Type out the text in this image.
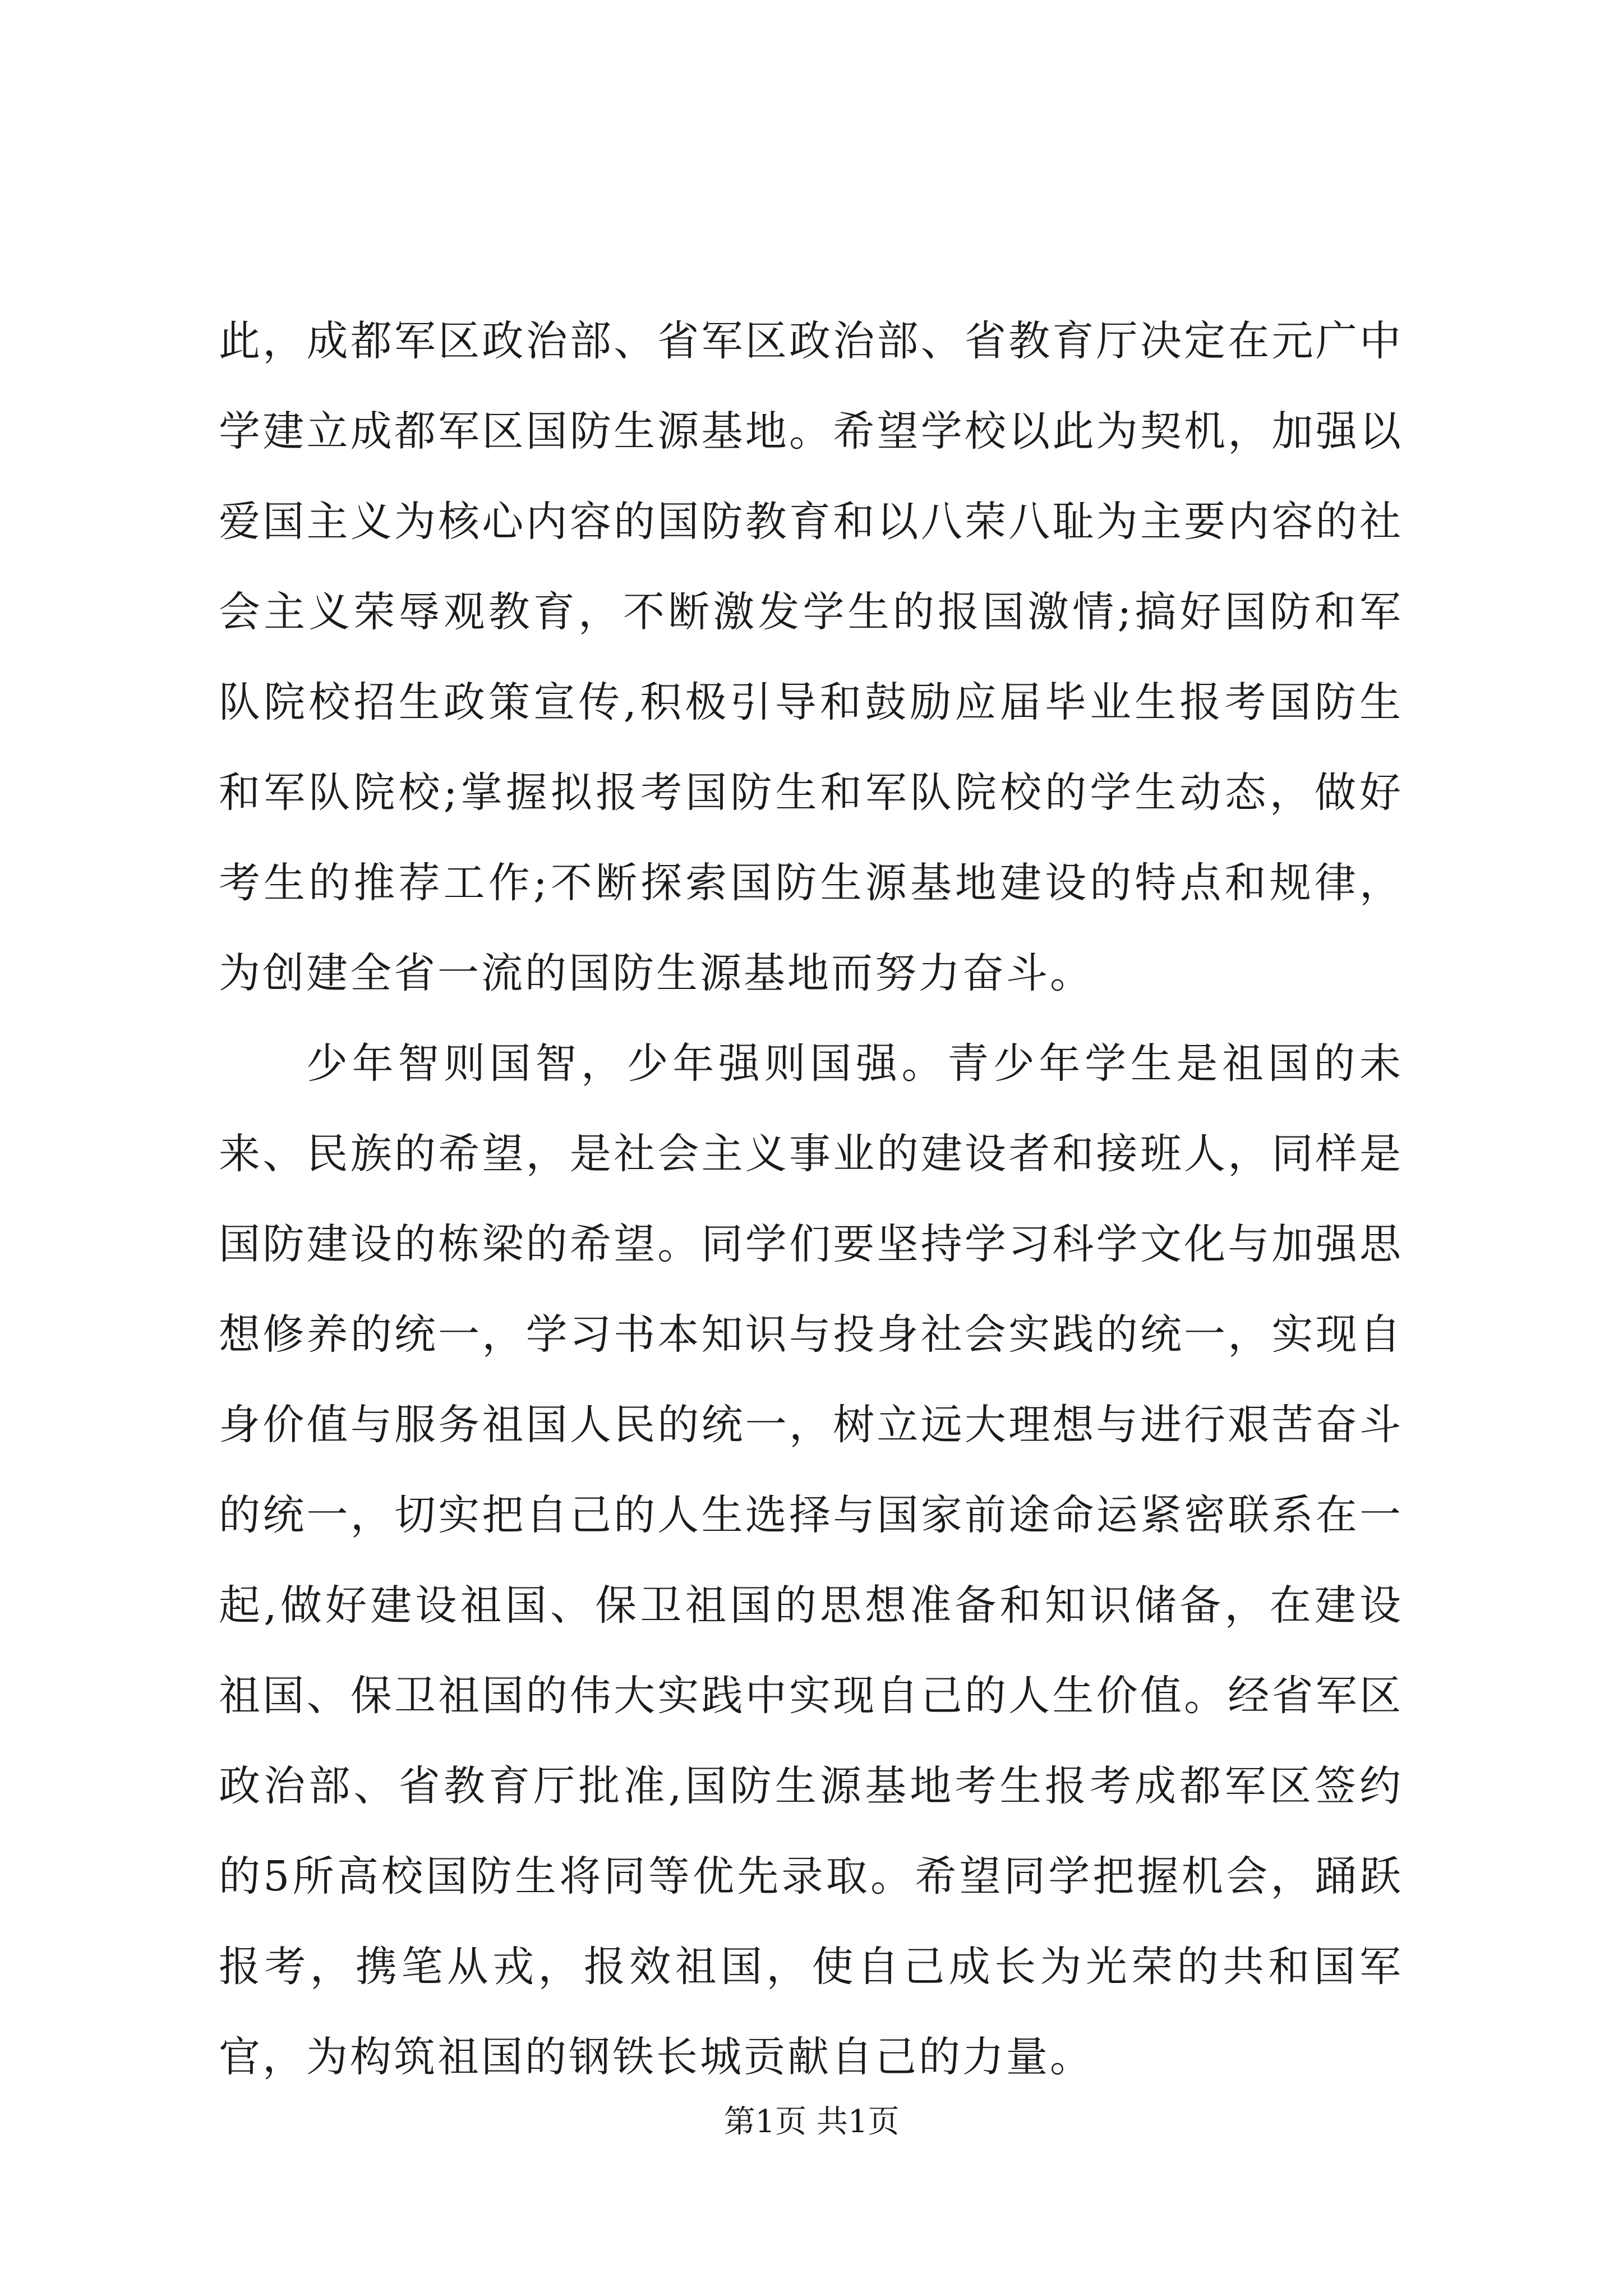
此，成都军区政治部、省军区政治部、省教育厅决定在元广中学建立成都军区国防生源基地。希望学校以此为契机，加强以爱国主义为核心内容的国防教育和以八荣八耻为主要内容的社会主义荣辱观教育，不断激发学生的报国激情;搞好国防和军队院校招生政策宣传,积极引导和鼓励应届毕业生报考国防生和军队院校;掌握拟报考国防生和军队院校的学生动态，做好考生的推荐工作;不断探索国防生源基地建设的特点和规律，为创建全省一流的国防生源基地而努力奋斗。

少年智则国智，少年强则国强。青少年学生是祖国的未来、民族的希望，是社会主义事业的建设者和接班人，同样是国防建设的栋梁的希望。同学们要坚持学习科学文化与加强思想修养的统一，学习书本知识与投身社会实践的统一，实现自身价值与服务祖国人民的统一，树立远大理想与进行艰苦奋斗的统一，切实把自己的人生选择与国家前途命运紧密联系在一起,做好建设祖国、保卫祖国的思想准备和知识储备，在建设祖国、保卫祖国的伟大实践中实现自己的人生价值。经省军区政治部、省教育厅批准,国防生源基地考生报考成都军区签约的5所高校国防生将同等优先录取。希望同学把握机会，踊跃报考，携笔从戎，报效祖国，使自己成长为光荣的共和国军官，为构筑祖国的钢铁长城贡献自己的力量。

第1页 共1页
